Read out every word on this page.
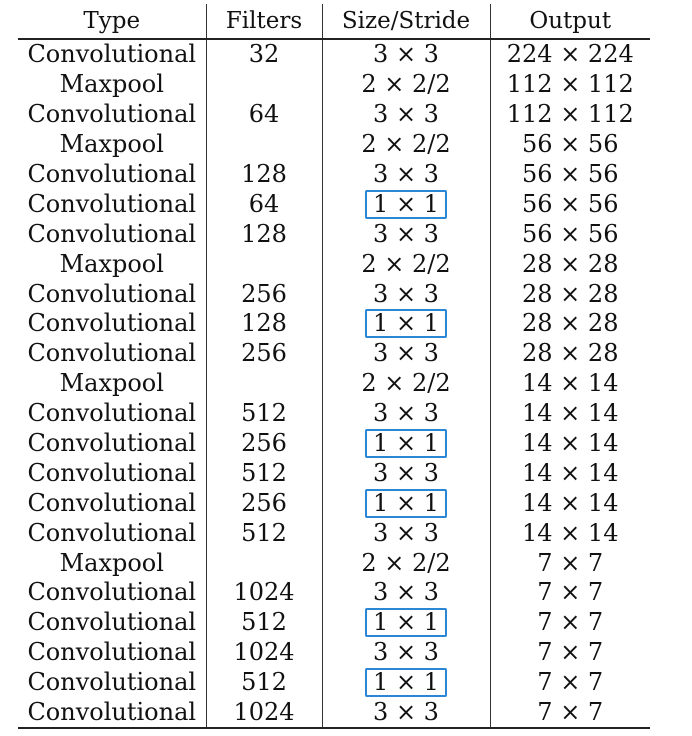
Type	Filters	Size/Stride	Output
Convolutional	32	3 × 3	224 × 224
Maxpool		2 × 2/2	112 × 112
Convolutional	64	3 × 3	112 × 112
Maxpool		2 × 2/2	56 × 56
Convolutional	128	3 × 3	56 × 56
Convolutional	64	1 × 1	56 × 56
Convolutional	128	3 × 3	56 × 56
Maxpool		2 × 2/2	28 × 28
Convolutional	256	3 × 3	28 × 28
Convolutional	128	1 × 1	28 × 28
Convolutional	256	3 × 3	28 × 28
Maxpool		2 × 2/2	14 × 14
Convolutional	512	3 × 3	14 × 14
Convolutional	256	1 × 1	14 × 14
Convolutional	512	3 × 3	14 × 14
Convolutional	256	1 × 1	14 × 14
Convolutional	512	3 × 3	14 × 14
Maxpool		2 × 2/2	7 × 7
Convolutional	1024	3 × 3	7 × 7
Convolutional	512	1 × 1	7 × 7
Convolutional	1024	3 × 3	7 × 7
Convolutional	512	1 × 1	7 × 7
Convolutional	1024	3 × 3	7 × 7
